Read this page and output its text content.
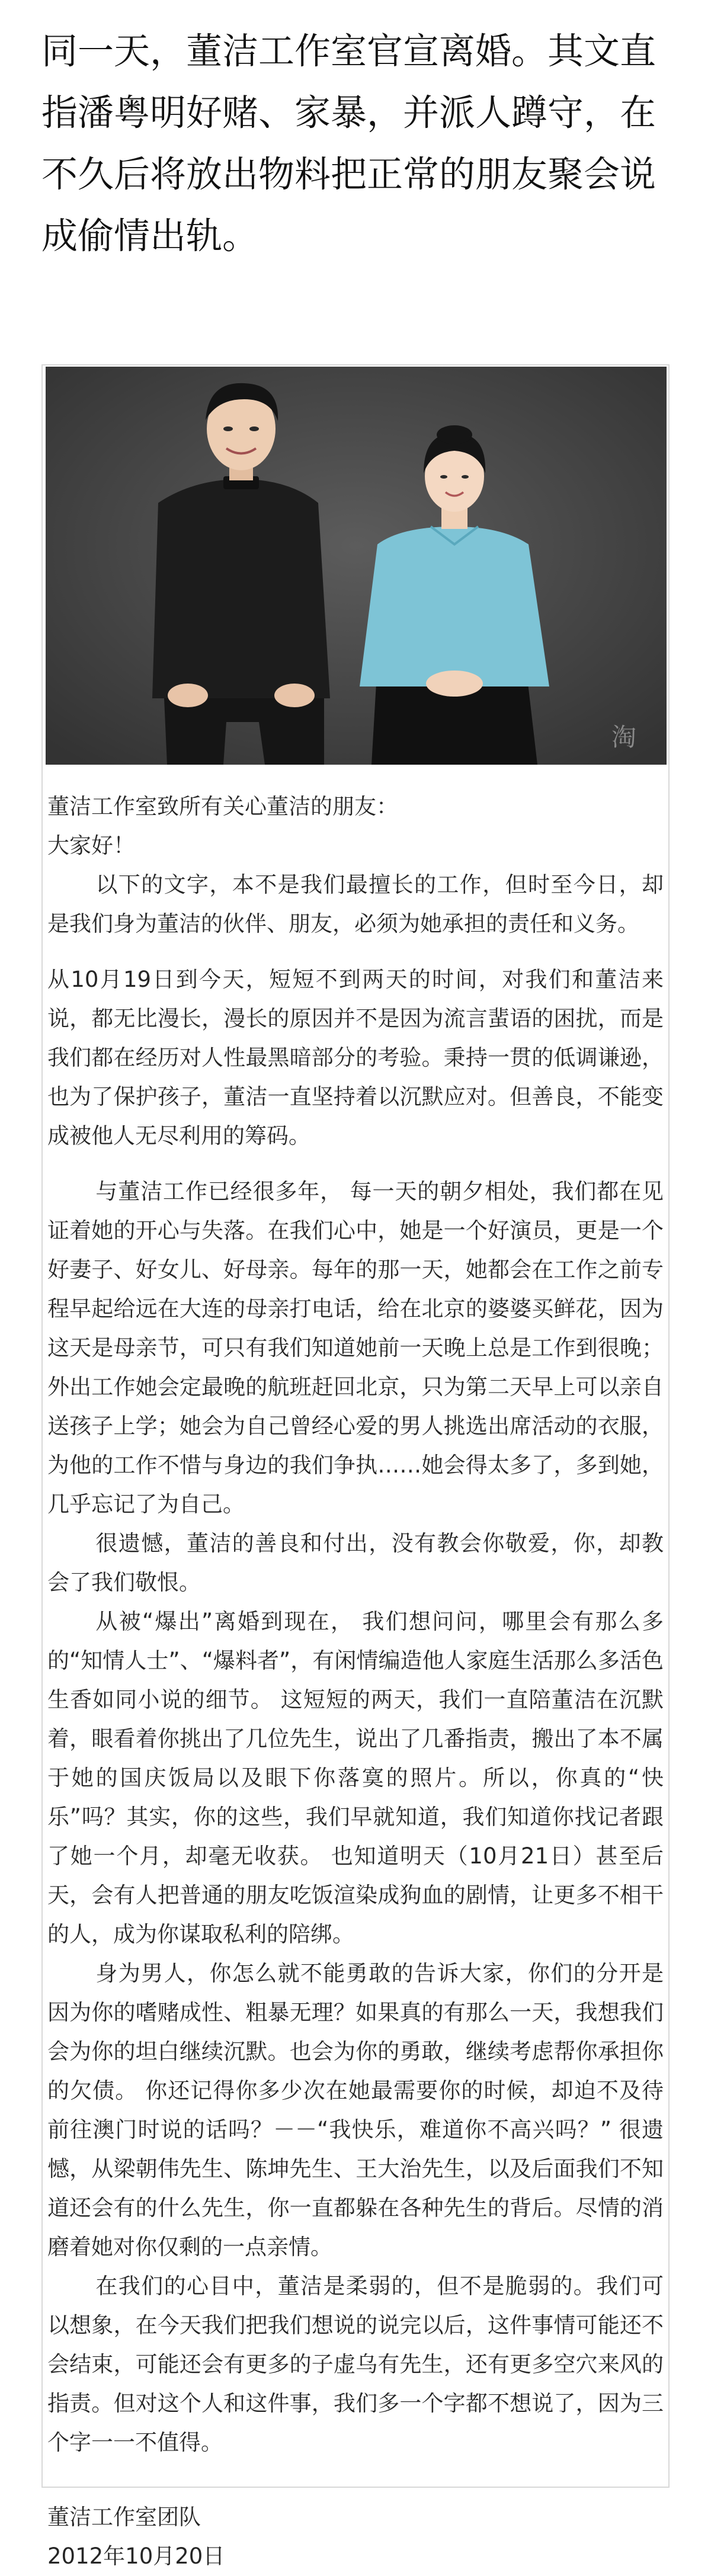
同一天，董洁工作室官宣离婚。其文直指潘粤明好赌、家暴，并派人蹲守，在不久后将放出物料把正常的朋友聚会说成偷情出轨。
淘

董洁工作室致所有关心董洁的朋友：

大家好！

以下的文字，本不是我们最擅长的工作，但时至今日，却是我们身为董洁的伙伴、朋友，必须为她承担的责任和义务。

从10月19日到今天，短短不到两天的时间，对我们和董洁来说，都无比漫长，漫长的原因并不是因为流言蜚语的困扰，而是我们都在经历对人性最黑暗部分的考验。秉持一贯的低调谦逊，也为了保护孩子，董洁一直坚持着以沉默应对。但善良，不能变成被他人无尽利用的筹码。

与董洁工作已经很多年， 每一天的朝夕相处，我们都在见证着她的开心与失落。在我们心中，她是一个好演员，更是一个好妻子、好女儿、好母亲。每年的那一天，她都会在工作之前专程早起给远在大连的母亲打电话，给在北京的婆婆买鲜花，因为这天是母亲节，可只有我们知道她前一天晚上总是工作到很晚；外出工作她会定最晚的航班赶回北京，只为第二天早上可以亲自送孩子上学；她会为自己曾经心爱的男人挑选出席活动的衣服，为他的工作不惜与身边的我们争执……她会得太多了，多到她，几乎忘记了为自己。

很遗憾，董洁的善良和付出，没有教会你敬爱，你，却教会了我们敬恨。

从被“爆出”离婚到现在， 我们想问问，哪里会有那么多的“知情人士”、“爆料者”，有闲情编造他人家庭生活那么多活色生香如同小说的细节。 这短短的两天，我们一直陪董洁在沉默着，眼看着你挑出了几位先生，说出了几番指责，搬出了本不属于她的国庆饭局以及眼下你落寞的照片。所以，你真的“快乐”吗？其实，你的这些，我们早就知道，我们知道你找记者跟了她一个月，却毫无收获。 也知道明天（10月21日）甚至后天，会有人把普通的朋友吃饭渲染成狗血的剧情，让更多不相干的人，成为你谋取私利的陪绑。

身为男人，你怎么就不能勇敢的告诉大家，你们的分开是因为你的嗜赌成性、粗暴无理？如果真的有那么一天，我想我们会为你的坦白继续沉默。也会为你的勇敢，继续考虑帮你承担你的欠债。 你还记得你多少次在她最需要你的时候，却迫不及待前往澳门时说的话吗？－－“我快乐，难道你不高兴吗？” 很遗憾，从梁朝伟先生、陈坤先生、王大治先生，以及后面我们不知道还会有的什么先生，你一直都躲在各种先生的背后。尽情的消磨着她对你仅剩的一点亲情。

在我们的心目中，董洁是柔弱的，但不是脆弱的。我们可以想象，在今天我们把我们想说的说完以后，这件事情可能还不会结束，可能还会有更多的子虚乌有先生，还有更多空穴来风的指责。但对这个人和这件事，我们多一个字都不想说了，因为三个字一一不值得。

董洁工作室团队

2012年10月20日
